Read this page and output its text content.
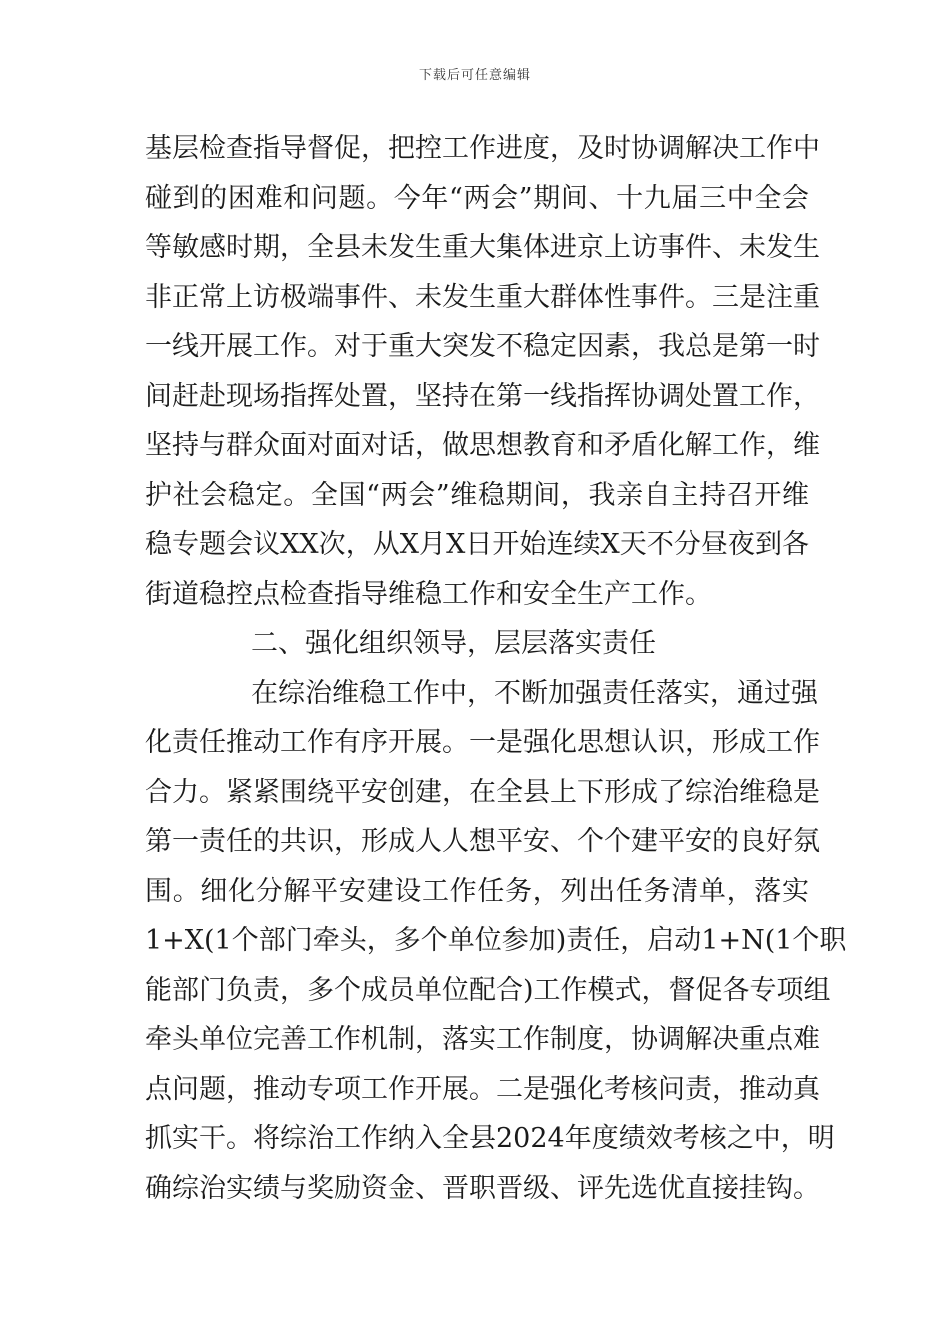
下载后可任意编辑
基层检查指导督促，把控工作进度，及时协调解决工作中
碰到的困难和问题。今年“两会”期间、十九届三中全会
等敏感时期，全县未发生重大集体进京上访事件、未发生
非正常上访极端事件、未发生重大群体性事件。三是注重
一线开展工作。对于重大突发不稳定因素，我总是第一时
间赶赴现场指挥处置，坚持在第一线指挥协调处置工作，
坚持与群众面对面对话，做思想教育和矛盾化解工作，维
护社会稳定。全国“两会”维稳期间，我亲自主持召开维
稳专题会议XX次，从X月X日开始连续X天不分昼夜到各
街道稳控点检查指导维稳工作和安全生产工作。
二、强化组织领导，层层落实责任
在综治维稳工作中，不断加强责任落实，通过强
化责任推动工作有序开展。一是强化思想认识，形成工作
合力。紧紧围绕平安创建，在全县上下形成了综治维稳是
第一责任的共识，形成人人想平安、个个建平安的良好氛
围。细化分解平安建设工作任务，列出任务清单，落实
1+X(1个部门牵头，多个单位参加)责任，启动1+N(1个职
能部门负责，多个成员单位配合)工作模式，督促各专项组
牵头单位完善工作机制，落实工作制度，协调解决重点难
点问题，推动专项工作开展。二是强化考核问责，推动真
抓实干。将综治工作纳入全县2024年度绩效考核之中，明
确综治实绩与奖励资金、晋职晋级、评先选优直接挂钩。
